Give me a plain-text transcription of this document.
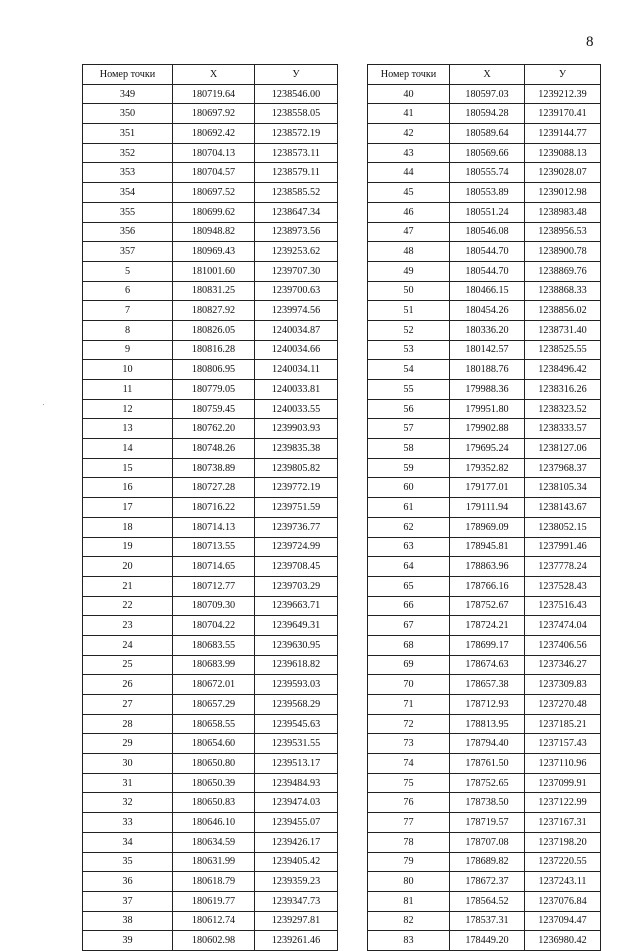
8
Номер точки	X	У
349	180719.64	1238546.00
350	180697.92	1238558.05
351	180692.42	1238572.19
352	180704.13	1238573.11
353	180704.57	1238579.11
354	180697.52	1238585.52
355	180699.62	1238647.34
356	180948.82	1238973.56
357	180969.43	1239253.62
5	181001.60	1239707.30
6	180831.25	1239700.63
7	180827.92	1239974.56
8	180826.05	1240034.87
9	180816.28	1240034.66
10	180806.95	1240034.11
11	180779.05	1240033.81
12	180759.45	1240033.55
13	180762.20	1239903.93
14	180748.26	1239835.38
15	180738.89	1239805.82
16	180727.28	1239772.19
17	180716.22	1239751.59
18	180714.13	1239736.77
19	180713.55	1239724.99
20	180714.65	1239708.45
21	180712.77	1239703.29
22	180709.30	1239663.71
23	180704.22	1239649.31
24	180683.55	1239630.95
25	180683.99	1239618.82
26	180672.01	1239593.03
27	180657.29	1239568.29
28	180658.55	1239545.63
29	180654.60	1239531.55
30	180650.80	1239513.17
31	180650.39	1239484.93
32	180650.83	1239474.03
33	180646.10	1239455.07
34	180634.59	1239426.17
35	180631.99	1239405.42
36	180618.79	1239359.23
37	180619.77	1239347.73
38	180612.74	1239297.81
39	180602.98	1239261.46
Номер точки	X	У
40	180597.03	1239212.39
41	180594.28	1239170.41
42	180589.64	1239144.77
43	180569.66	1239088.13
44	180555.74	1239028.07
45	180553.89	1239012.98
46	180551.24	1238983.48
47	180546.08	1238956.53
48	180544.70	1238900.78
49	180544.70	1238869.76
50	180466.15	1238868.33
51	180454.26	1238856.02
52	180336.20	1238731.40
53	180142.57	1238525.55
54	180188.76	1238496.42
55	179988.36	1238316.26
56	179951.80	1238323.52
57	179902.88	1238333.57
58	179695.24	1238127.06
59	179352.82	1237968.37
60	179177.01	1238105.34
61	179111.94	1238143.67
62	178969.09	1238052.15
63	178945.81	1237991.46
64	178863.96	1237778.24
65	178766.16	1237528.43
66	178752.67	1237516.43
67	178724.21	1237474.04
68	178699.17	1237406.56
69	178674.63	1237346.27
70	178657.38	1237309.83
71	178712.93	1237270.48
72	178813.95	1237185.21
73	178794.40	1237157.43
74	178761.50	1237110.96
75	178752.65	1237099.91
76	178738.50	1237122.99
77	178719.57	1237167.31
78	178707.08	1237198.20
79	178689.82	1237220.55
80	178672.37	1237243.11
81	178564.52	1237076.84
82	178537.31	1237094.47
83	178449.20	1236980.42
